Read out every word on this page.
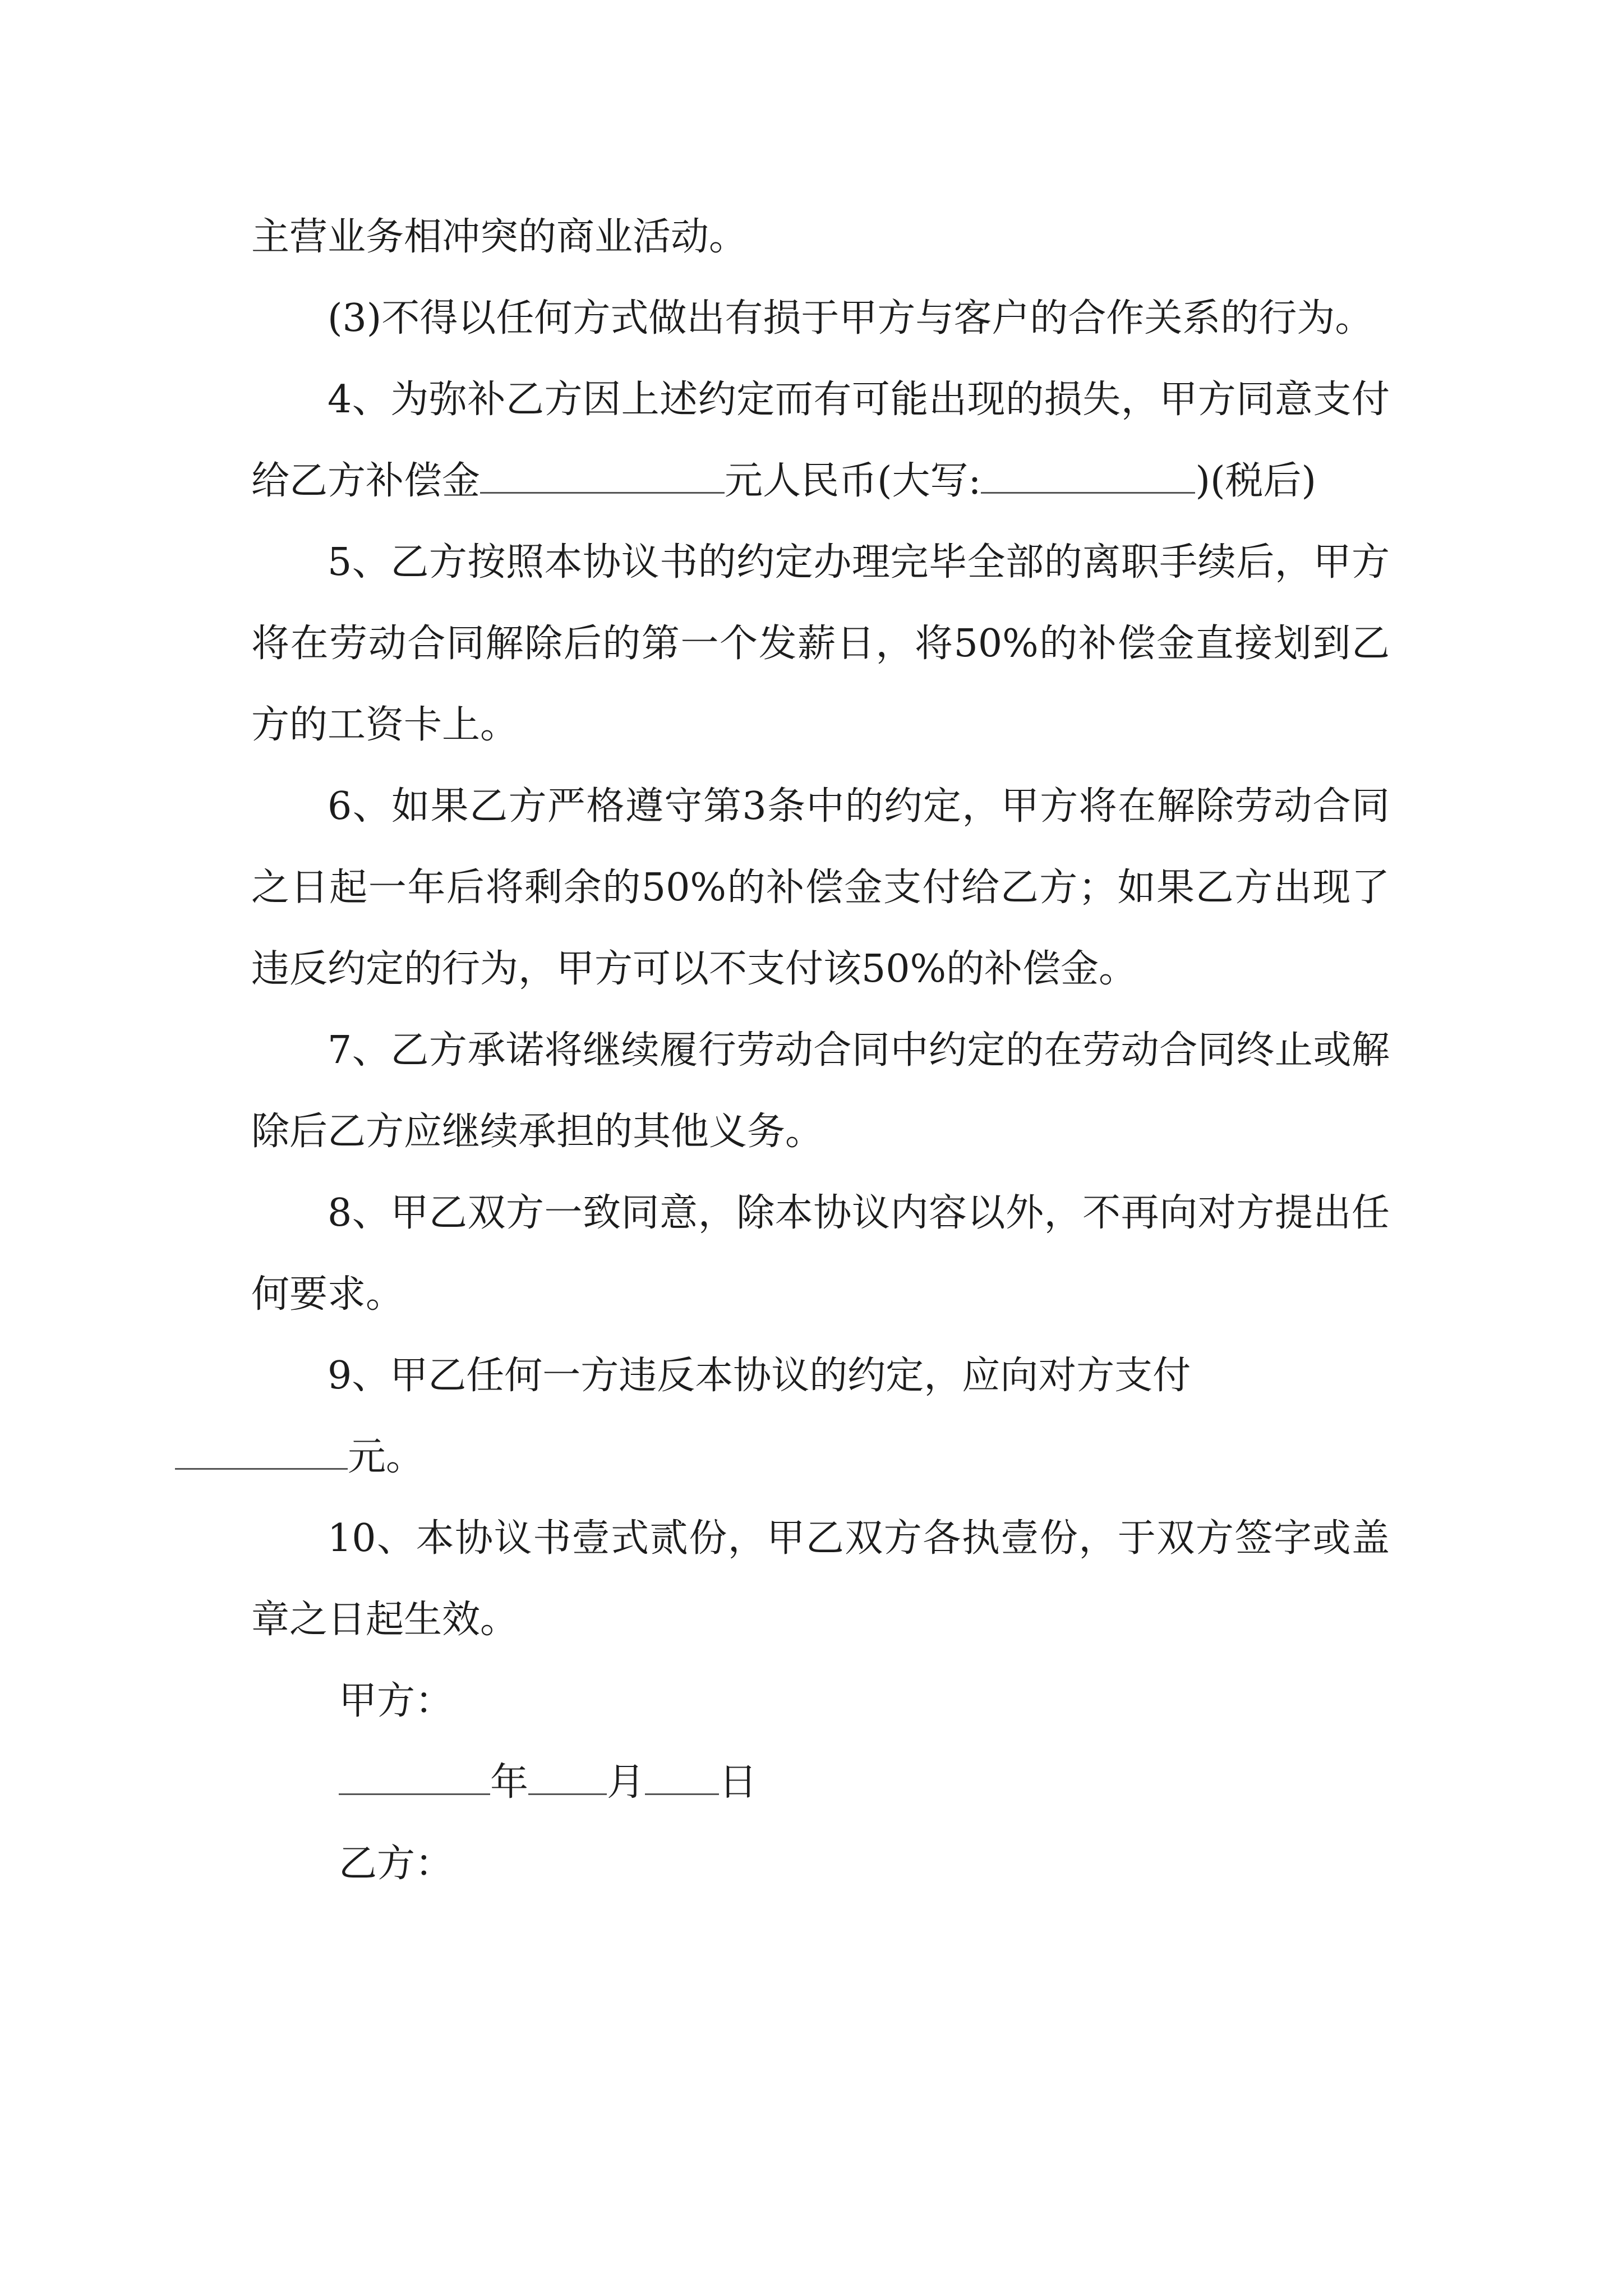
主营业务相冲突的商业活动。

(3)不得以任何方式做出有损于甲方与客户的合作关系的行为。

4、为弥补乙方因上述约定而有可能出现的损失，甲方同意支付给乙方补偿金	元人民币(大写:	)(税后)

5、乙方按照本协议书的约定办理完毕全部的离职手续后，甲方将在劳动合同解除后的第一个发薪日，将50%的补偿金直接划到乙方的工资卡上。

6、如果乙方严格遵守第3条中的约定，甲方将在解除劳动合同之日起一年后将剩余的50%的补偿金支付给乙方；如果乙方出现了违反约定的行为，甲方可以不支付该50%的补偿金。

7、乙方承诺将继续履行劳动合同中约定的在劳动合同终止或解除后乙方应继续承担的其他义务。

8、甲乙双方一致同意，除本协议内容以外，不再向对方提出任何要求。

9、甲乙任何一方违反本协议的约定，应向对方支付
元。

10、本协议书壹式贰份，甲乙双方各执壹份，于双方签字或盖章之日起生效。

甲方：

年 月 日

乙方：
